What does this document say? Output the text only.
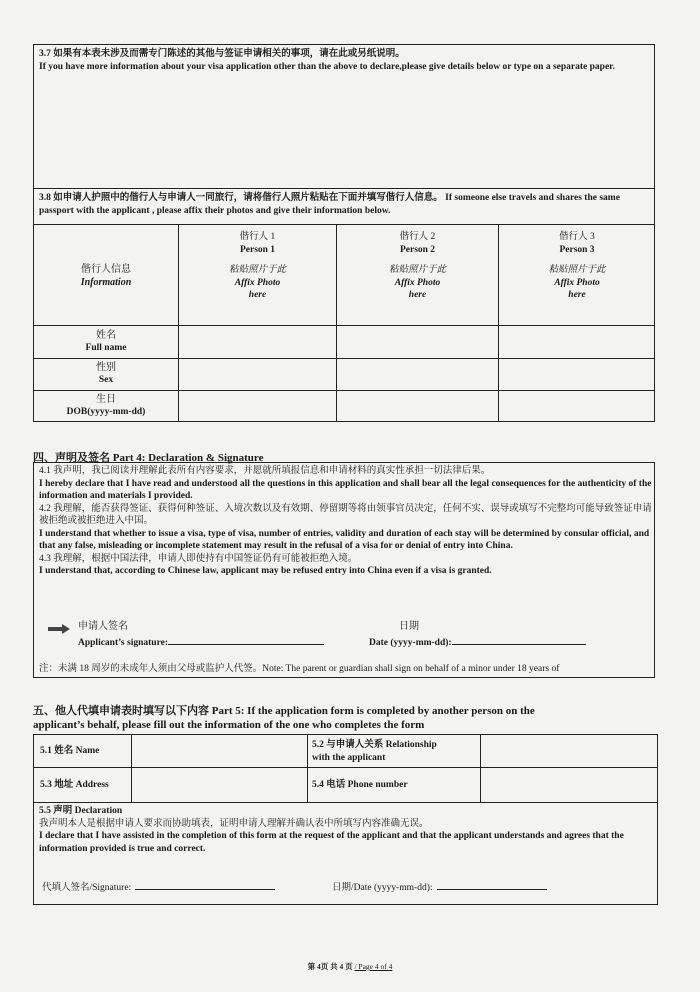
3.7 如果有本表未涉及而需专门陈述的其他与签证申请相关的事项，请在此或另纸说明。
If you have more information about your visa application other than the above to declare,please give details below or type on a separate paper.
3.8 如申请人护照中的偕行人与申请人一同旅行，请将偕行人照片粘贴在下面并填写偕行人信息。 If someone else travels and shares the same passport with the applicant , please affix their photos and give their information below.
偕行人信息
Information
偕行人 1
Person 1
粘贴照片于此
Affix Photo
here
偕行人 2
Person 2
粘贴照片于此
Affix Photo
here
偕行人 3
Person 3
粘贴照片于此
Affix Photo
here
姓名
Full name
性别
Sex
生日
DOB(yyyy-mm-dd)
四、声明及签名 Part 4: Declaration & Signature
4.1 我声明，我已阅读并理解此表所有内容要求，并愿就所填报信息和申请材料的真实性承担一切法律后果。
I hereby declare that I have read and understood all the questions in this application and shall bear all the legal consequences for the authenticity of the information and materials I provided.
4.2 我理解，能否获得签证、获得何种签证、入境次数以及有效期、停留期等将由领事官员决定，任何不实、误导或填写不完整均可能导致签证申请被拒绝或被拒绝进入中国。
I understand that whether to issue a visa, type of visa, number of entries, validity and duration of each stay will be determined by consular official, and that any false, misleading or incomplete statement may result in the refusal of a visa for or denial of entry into China.
4.3 我理解，根据中国法律，申请人即使持有中国签证仍有可能被拒绝入境。
I understand that, according to Chinese law, applicant may be refused entry into China even if a visa is granted.
申请人签名
Applicant’s signature:
日期
Date (yyyy-mm-dd):
注：未满 18 周岁的未成年人须由父母或监护人代签。Note: The parent or guardian shall sign on behalf of a minor under 18 years of
五、他人代填申请表时填写以下内容 Part 5: If the application form is completed by another person on the
applicant’s behalf, please fill out the information of the one who completes the form
5.1 姓名 Name
5.2 与申请人关系 Relationship
with the applicant
5.3 地址 Address	5.4 电话 Phone number
5.5 声明 Declaration
我声明本人是根据申请人要求而协助填表，证明申请人理解并确认表中所填写内容准确无误。
I declare that I have assisted in the completion of this form at the request of the applicant and that the applicant understands and agrees that the information provided is true and correct.
代填人签名/Signature:	日期/Date (yyyy-mm-dd):
第 4页 共 4 页 / Page 4 of 4
